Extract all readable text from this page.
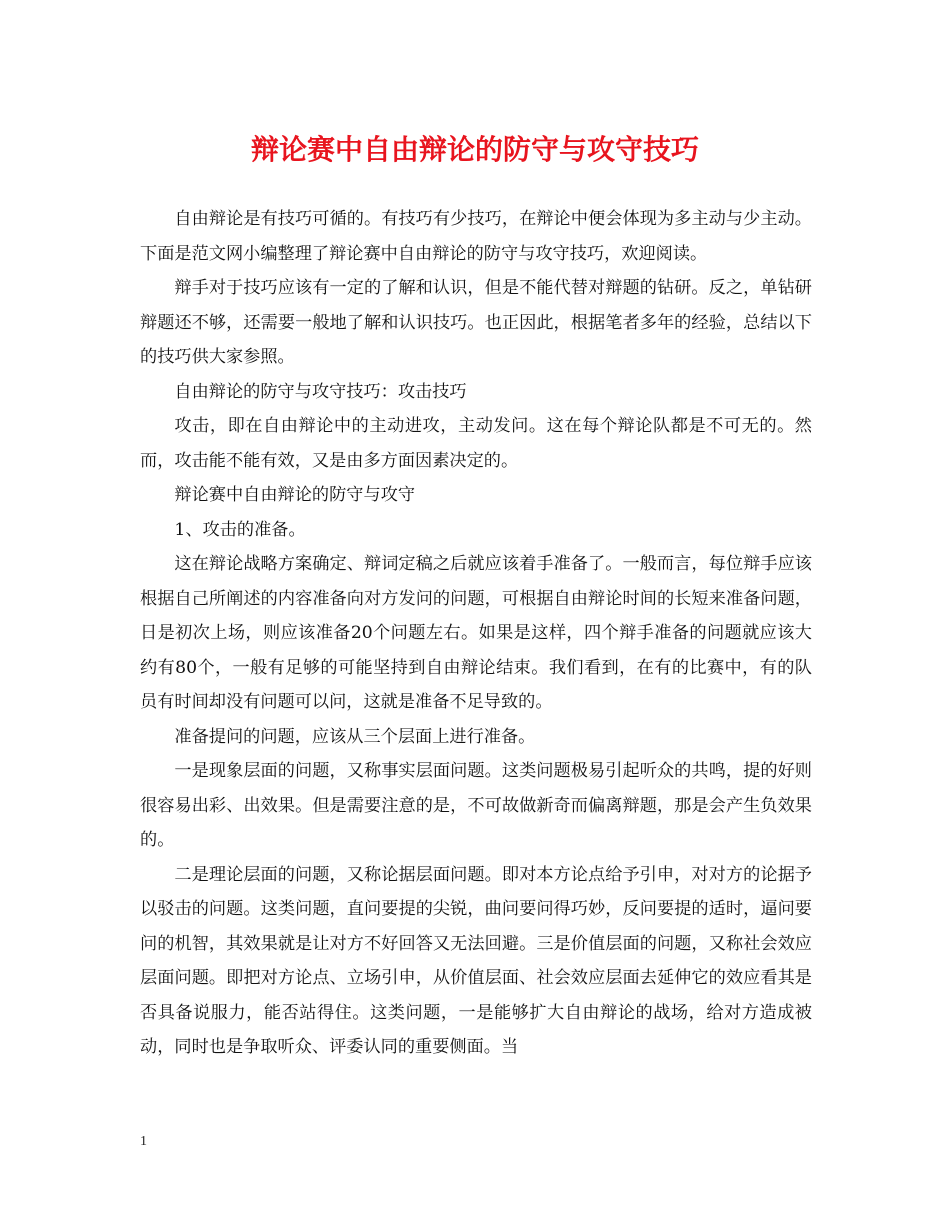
辩论赛中自由辩论的防守与攻守技巧

自由辩论是有技巧可循的。有技巧有少技巧，在辩论中便会体现为多主动与少主动。下面是范文网小编整理了辩论赛中自由辩论的防守与攻守技巧，欢迎阅读。

辩手对于技巧应该有一定的了解和认识，但是不能代替对辩题的钻研。反之，单钻研辩题还不够，还需要一般地了解和认识技巧。也正因此，根据笔者多年的经验，总结以下的技巧供大家参照。

自由辩论的防守与攻守技巧：攻击技巧

攻击，即在自由辩论中的主动进攻，主动发问。这在每个辩论队都是不可无的。然而，攻击能不能有效，又是由多方面因素决定的。

辩论赛中自由辩论的防守与攻守

1、攻击的准备。

这在辩论战略方案确定、辩词定稿之后就应该着手准备了。一般而言，每位辩手应该根据自己所阐述的内容准备向对方发问的问题，可根据自由辩论时间的长短来准备问题，日是初次上场，则应该准备20个问题左右。如果是这样，四个辩手准备的问题就应该大约有80个，一般有足够的可能坚持到自由辩论结束。我们看到，在有的比赛中，有的队员有时间却没有问题可以问，这就是准备不足导致的。

准备提问的问题，应该从三个层面上进行准备。

一是现象层面的问题，又称事实层面问题。这类问题极易引起听众的共鸣，提的好则很容易出彩、出效果。但是需要注意的是，不可故做新奇而偏离辩题，那是会产生负效果的。

二是理论层面的问题，又称论据层面问题。即对本方论点给予引申，对对方的论据予以驳击的问题。这类问题，直问要提的尖锐，曲问要问得巧妙，反问要提的适时，逼问要问的机智，其效果就是让对方不好回答又无法回避。三是价值层面的问题，又称社会效应层面问题。即把对方论点、立场引申，从价值层面、社会效应层面去延伸它的效应看其是否具备说服力，能否站得住。这类问题，一是能够扩大自由辩论的战场，给对方造成被动，同时也是争取听众、评委认同的重要侧面。当

1
